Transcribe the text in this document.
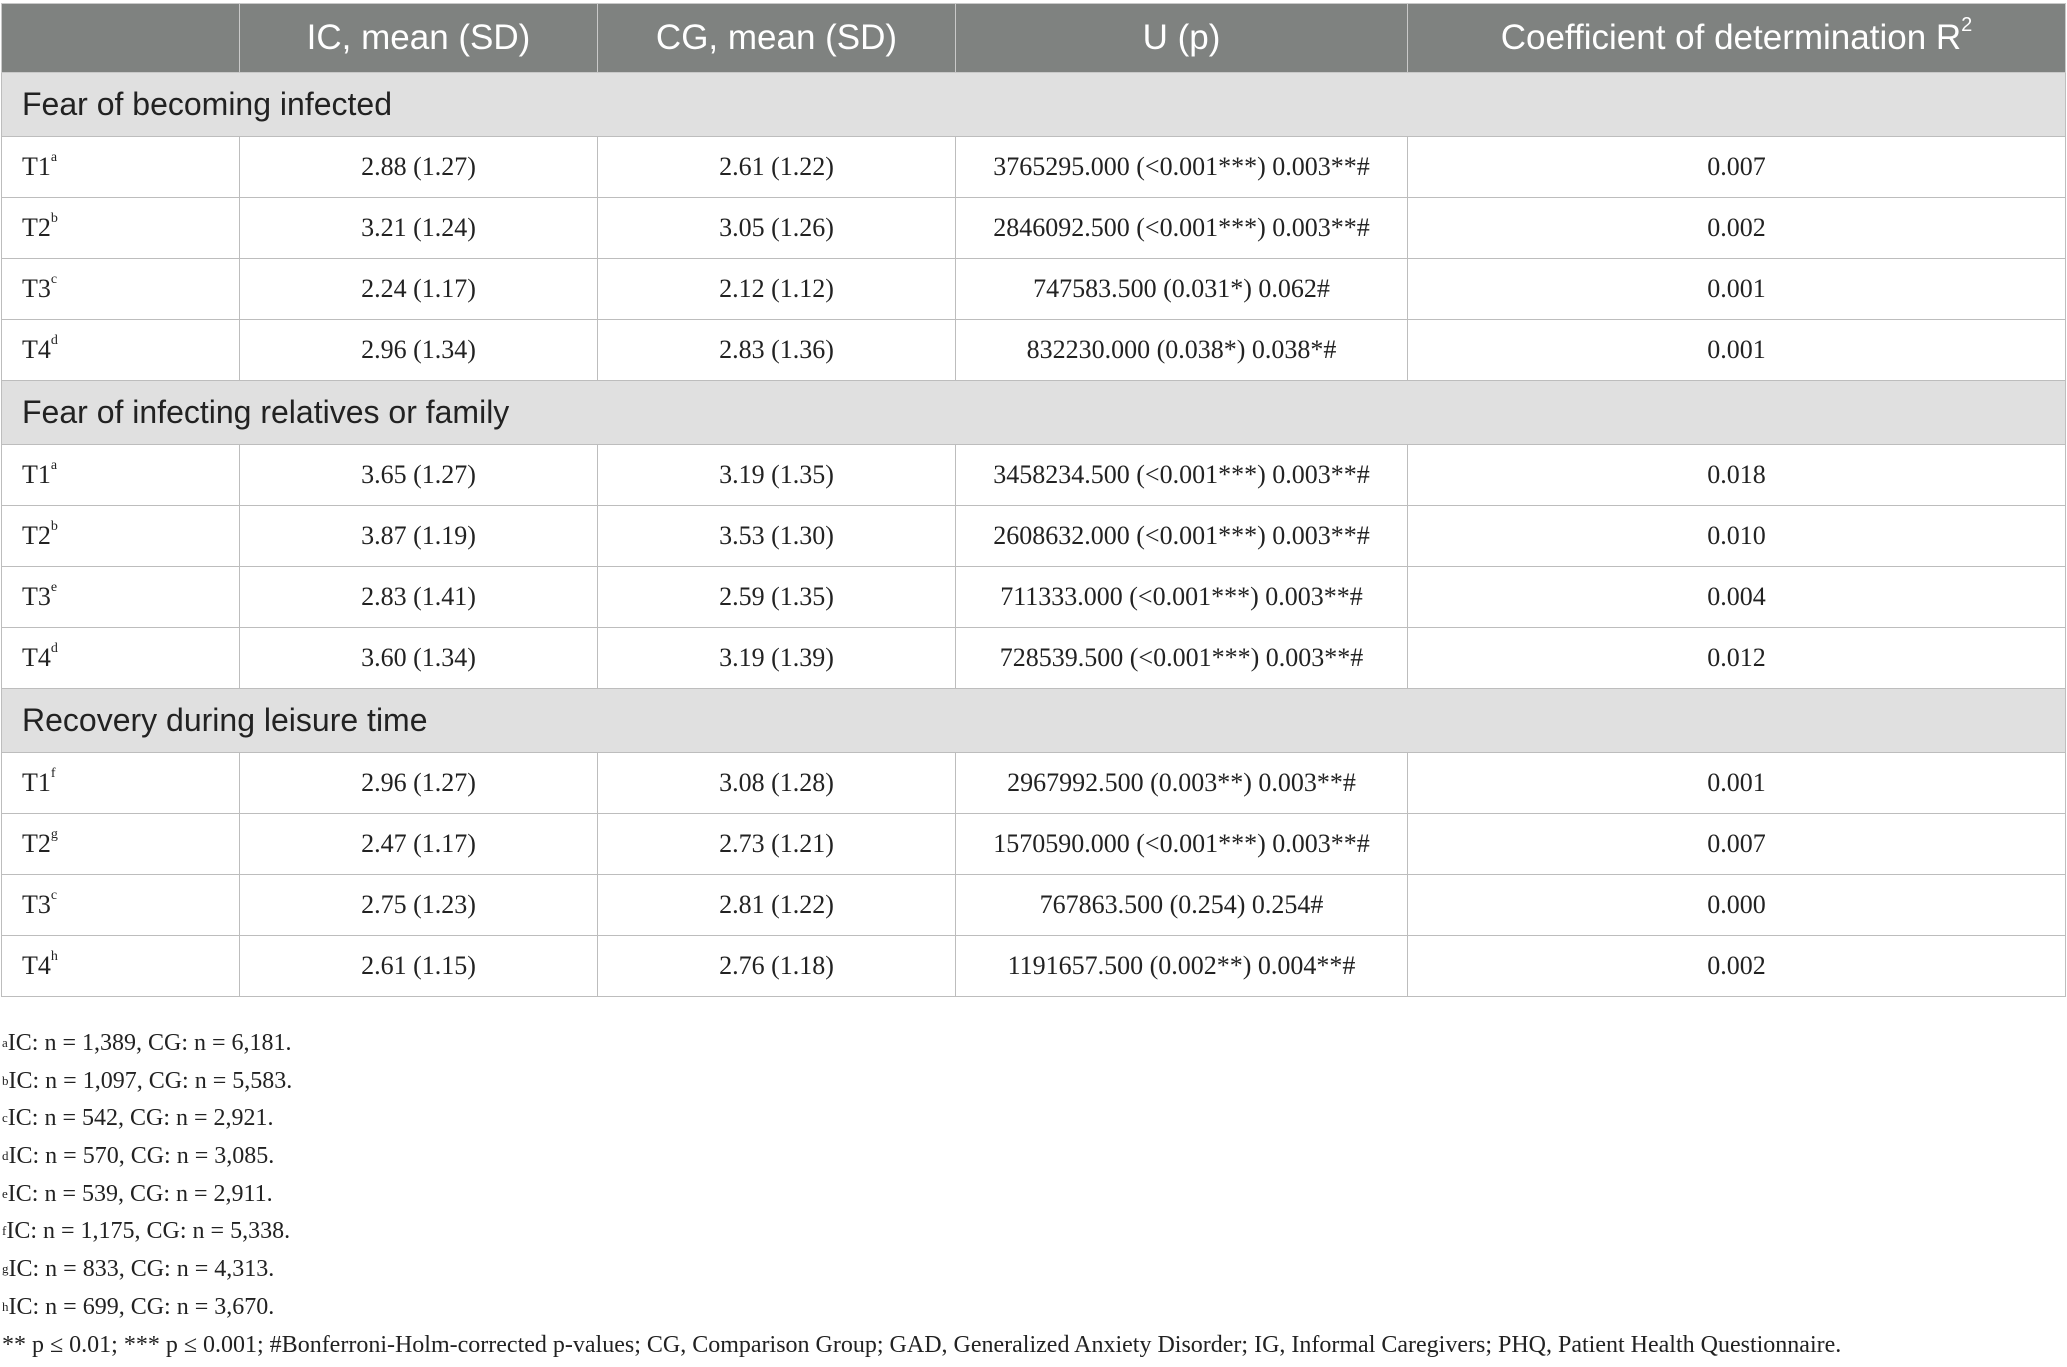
	IC, mean (SD)	CG, mean (SD)	U (p)	Coefficient of determination $R^2$
Fear of becoming infected				
T1$^a$	2.88 (1.27)	2.61 (1.22)	3765295.000 (<0.001***) 0.003**#	0.007
T2$^b$	3.21 (1.24)	3.05 (1.26)	2846092.500 (<0.001***) 0.003**#	0.002
T3$^c$	2.24 (1.17)	2.12 (1.12)	747583.500 (0.031*) 0.062#	0.001
T4$^d$	2.96 (1.34)	2.83 (1.36)	832230.000 (0.038*) 0.038*#	0.001
Fear of infecting relatives or family				
T1$^a$	3.65 (1.27)	3.19 (1.35)	3458234.500 (<0.001***) 0.003**#	0.018
T2$^b$	3.87 (1.19)	3.53 (1.30)	2608632.000 (<0.001***) 0.003**#	0.010
T3e	2.83 (1.41)	2.59 (1.35)	711333.000 (<0.001***) 0.003**#	0.004
T4$^d$	3.60 (1.34)	3.19 (1.39)	728539.500 (<0.001***) 0.003**#	0.012
Recovery during leisure time				
T1$^f$	2.96 (1.27)	3.08 (1.28)	2967992.500 (0.003**) 0.003**#	0.001
T2$^g$	2.47 (1.17)	2.73 (1.21)	1570590.000 (<0.001***) 0.003**#	0.007
T3$^c$	2.75 (1.23)	2.81 (1.22)	767863.500 (0.254) 0.254#	0.000
T4$^h$	2.61 (1.15)	2.76 (1.18)	1191657.500 (0.002**) 0.004**#	0.002
$^a$IC: n = 1,389, CG: n = 6,181.
$^b$IC: n = 1,097, CG: n = 5,583.
$^c$IC: n = 542, CG: n = 2,921.
$^d$IC: n = 570, CG: n = 3,085.
$^e$IC: n = 539, CG: n = 2,911.
$^f$IC: n = 1,175, CG: n = 5,338.
$^g$IC: n = 833, CG: n = 4,313.
$^h$IC: n = 699, CG: n = 3,670.
** p ≤ 0.01; *** p ≤ 0.001; #Bonferroni-Holm-corrected p-values; CG, Comparison Group; GAD, Generalized Anxiety Disorder; IG, Informal Caregivers; PHQ, Patient Health Questionnaire.
